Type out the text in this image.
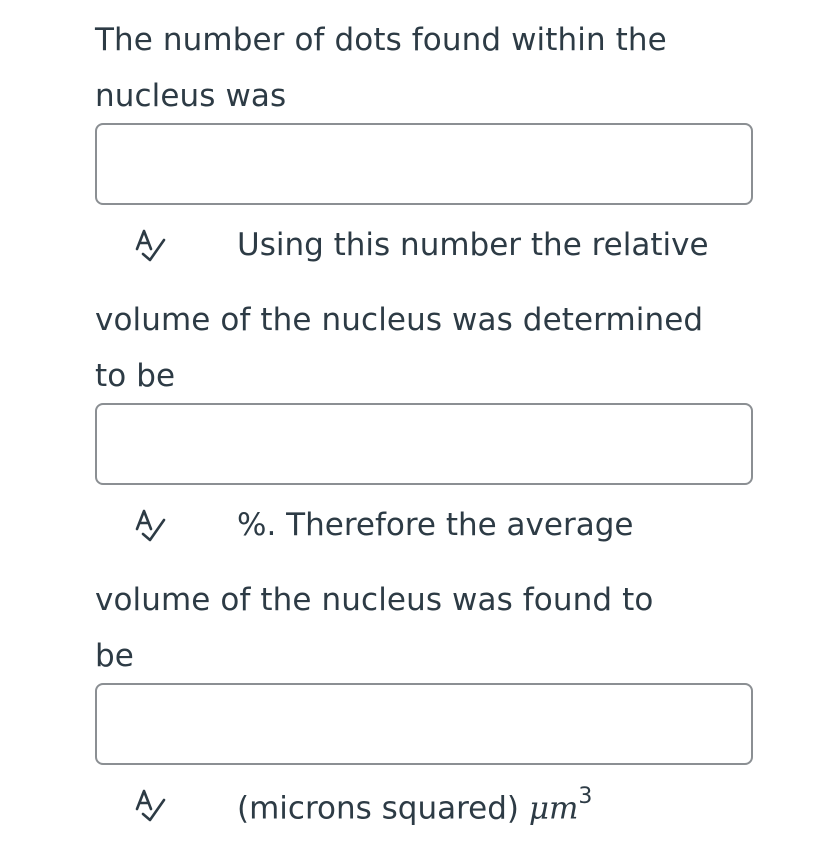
The number of dots found within the
nucleus was
Using this number the relative
volume of the nucleus was determined
to be
%. Therefore the average
volume of the nucleus was found to
be
(microns squared) $\mu m^3$
